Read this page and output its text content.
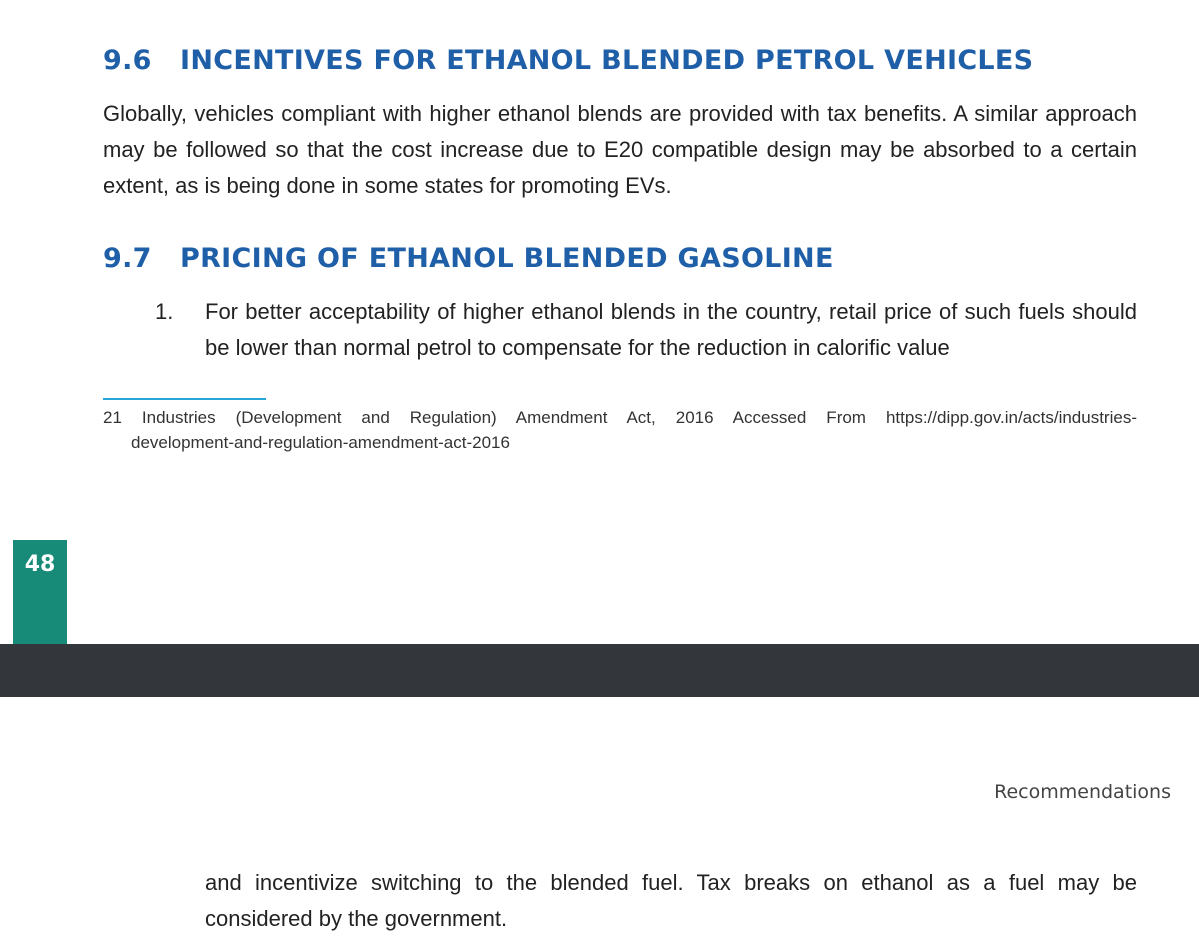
9.6 INCENTIVES FOR ETHANOL BLENDED PETROL VEHICLES
Globally, vehicles compliant with higher ethanol blends are provided with tax benefits. A similar approach may be followed so that the cost increase due to E20 compatible design may be absorbed to a certain extent, as is being done in some states for promoting EVs.
9.7 PRICING OF ETHANOL BLENDED GASOLINE
1. For better acceptability of higher ethanol blends in the country, retail price of such fuels should be lower than normal petrol to compensate for the reduction in calorific value
21 Industries (Development and Regulation) Amendment Act, 2016 Accessed From https://dipp.gov.in/acts/industries-
development-and-regulation-amendment-act-2016
48
Recommendations
and incentivize switching to the blended fuel. Tax breaks on ethanol as a fuel may be considered by the government.
